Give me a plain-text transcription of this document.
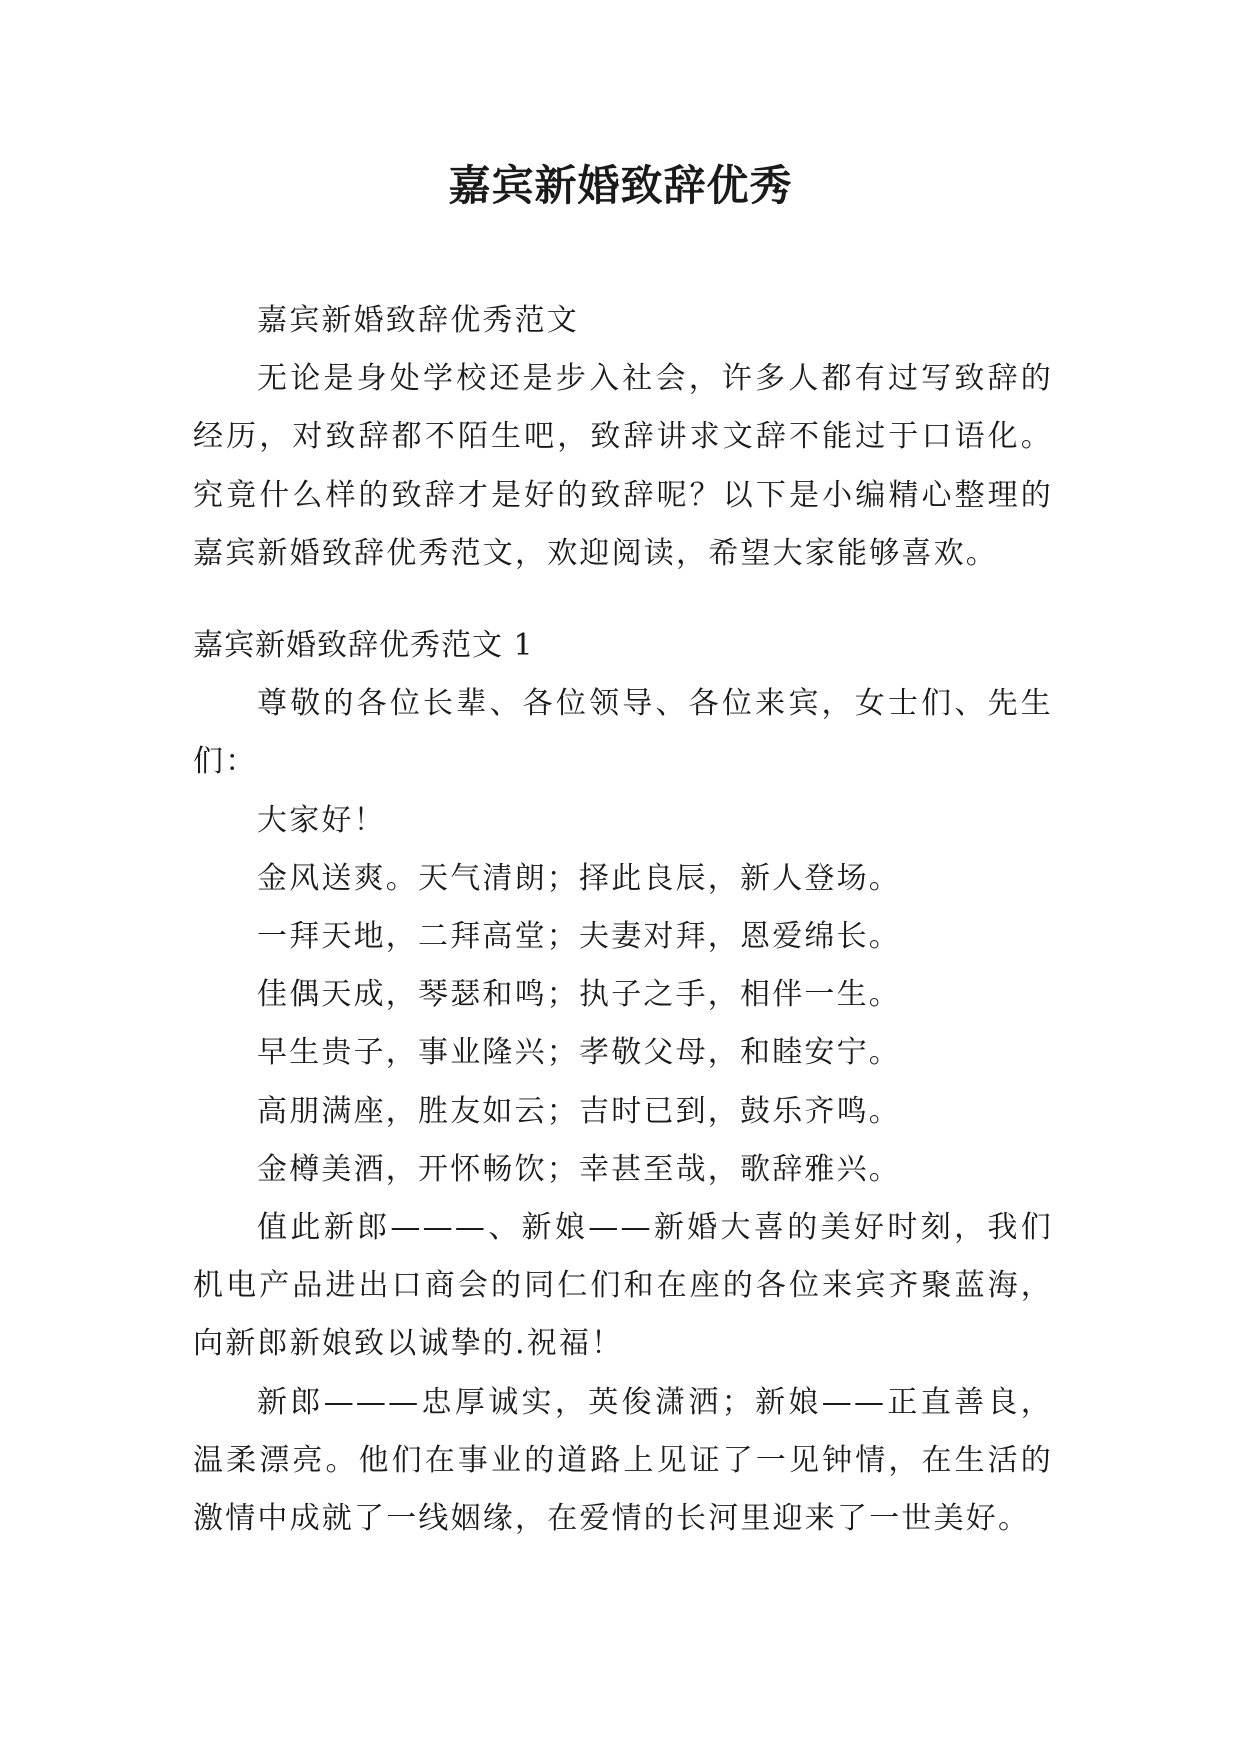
嘉宾新婚致辞优秀

嘉宾新婚致辞优秀范文

无论是身处学校还是步入社会，许多人都有过写致辞的经历，对致辞都不陌生吧，致辞讲求文辞不能过于口语化。究竟什么样的致辞才是好的致辞呢？以下是小编精心整理的嘉宾新婚致辞优秀范文，欢迎阅读，希望大家能够喜欢。

嘉宾新婚致辞优秀范文 1

尊敬的各位长辈、各位领导、各位来宾，女士们、先生们：

大家好！

金风送爽。天气清朗；择此良辰，新人登场。

一拜天地，二拜高堂；夫妻对拜，恩爱绵长。

佳偶天成，琴瑟和鸣；执子之手，相伴一生。

早生贵子，事业隆兴；孝敬父母，和睦安宁。

高朋满座，胜友如云；吉时已到，鼓乐齐鸣。

金樽美酒，开怀畅饮；幸甚至哉，歌辞雅兴。

值此新郎———、新娘——新婚大喜的美好时刻，我们机电产品进出口商会的同仁们和在座的各位来宾齐聚蓝海，向新郎新娘致以诚挚的.祝福！

新郎———忠厚诚实，英俊潇洒；新娘——正直善良，温柔漂亮。他们在事业的道路上见证了一见钟情，在生活的激情中成就了一线姻缘，在爱情的长河里迎来了一世美好。
